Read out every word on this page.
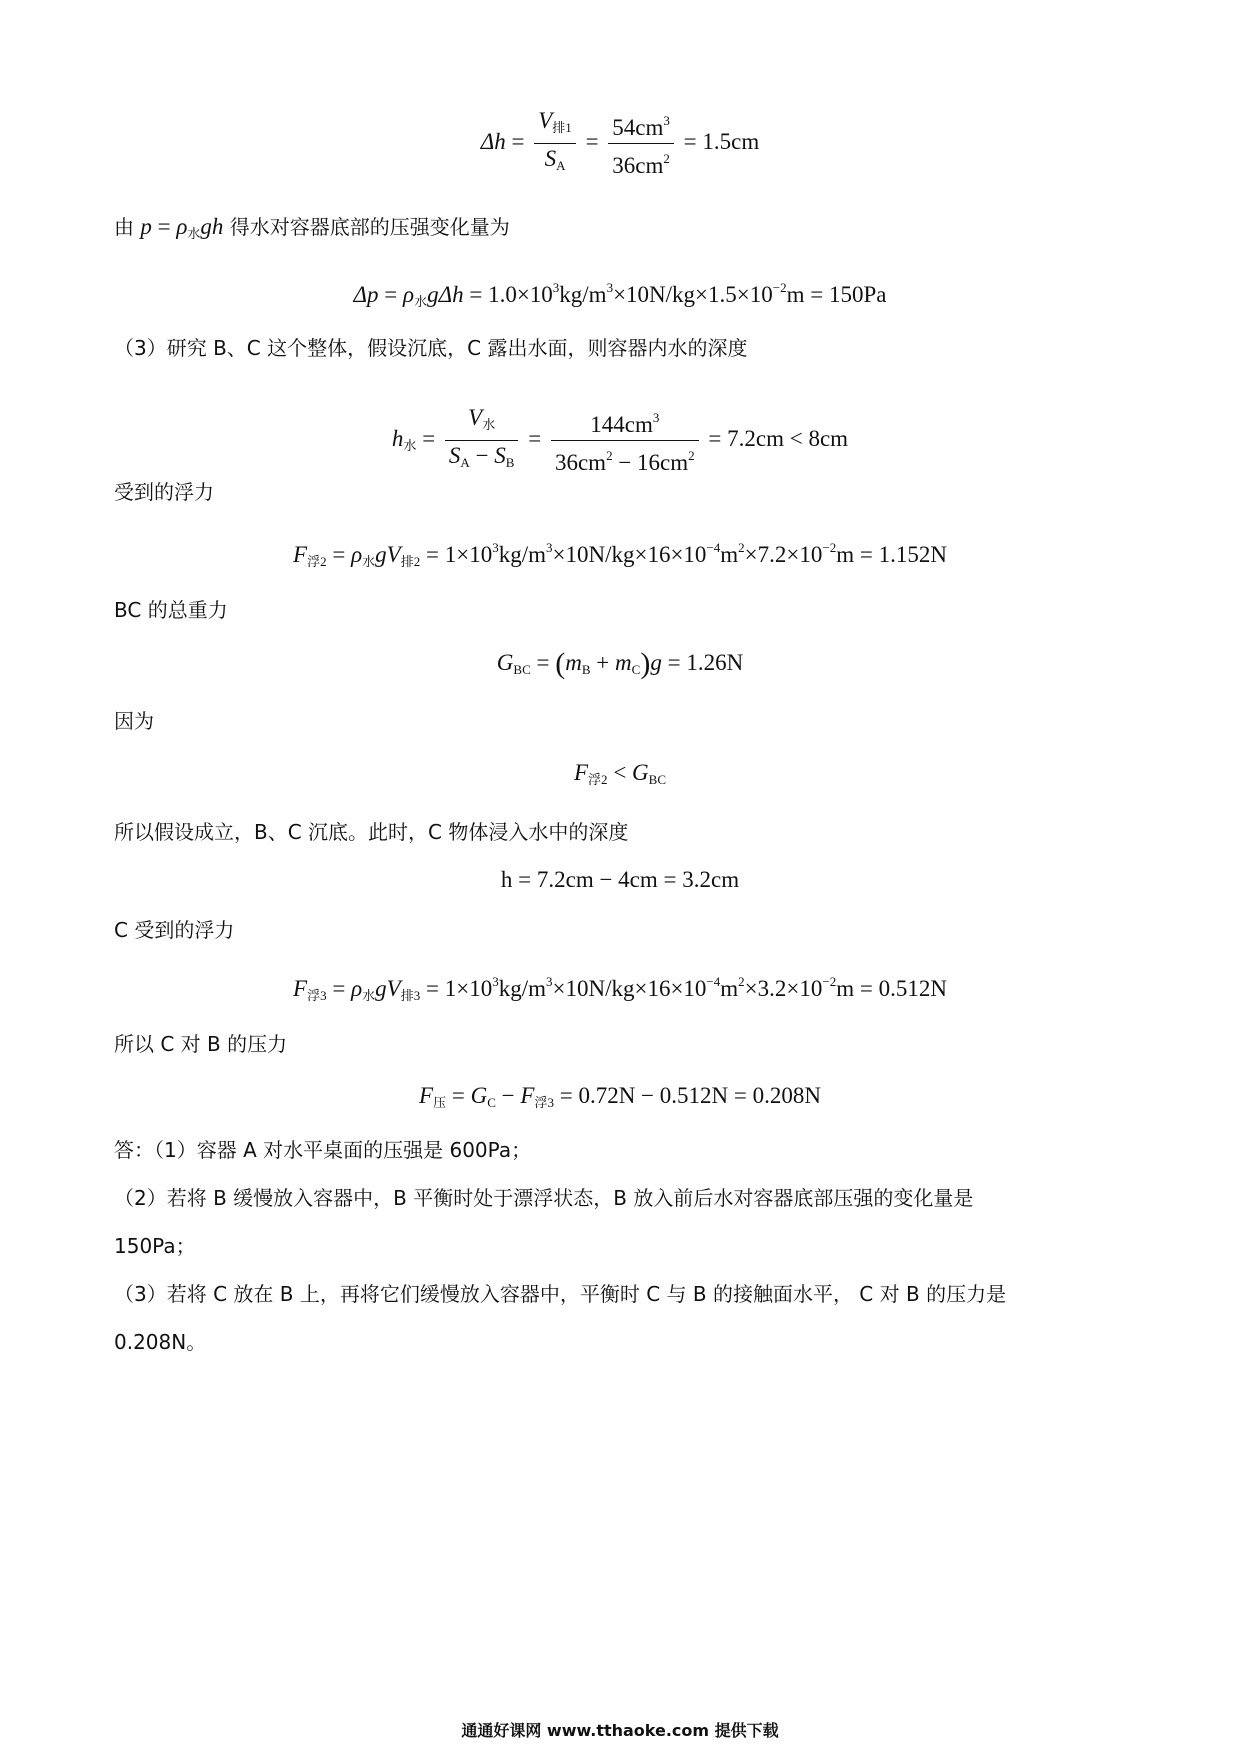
$\Delta h = \frac{V_{排1}}{S_A} = \frac{54cm^3}{36cm^2} = 1.5cm$
由 $p = \rho_水gh$ 得水对容器底部的压强变化量为
$\Delta p = \rho_水g\Delta h = 1.0\times 10^3kg/m^3\times 10N/kg\times 1.5\times 10^{-2}m = 150Pa$
（3）研究 B、C 这个整体，假设沉底，C 露出水面，则容器内水的深度
$h_水 = \frac{V_水}{S_A - S_B} = \frac{144cm^3}{36cm^2 - 16cm^2} = 7.2cm < 8cm$
受到的浮力
$F_{浮2} = \rho_水gV_{排2} = 1\times 10^3kg/m^3\times 10N/kg\times 16\times 10^{-4}m^2\times 7.2\times 10^{-2}m = 1.152N$
BC 的总重力
$G_{BC} = (m_B + m_C)g = 1.26N$
因为
$F_{浮2} < G_{BC}$
所以假设成立，B、C 沉底。此时，C 物体浸入水中的深度
h = 7.2cm − 4cm = 3.2cm
C 受到的浮力
$F_{浮3} = \rho_水gV_{排3} = 1\times 10^3kg/m^3\times 10N/kg\times 16\times 10^{-4}m^2\times 3.2\times 10^{-2}m = 0.512N$
所以 C 对 B 的压力
$F_压 = G_C - F_{浮3} = 0.72N - 0.512N = 0.208N$
答：（1）容器 A 对水平桌面的压强是 600Pa；
（2）若将 B 缓慢放入容器中，B 平衡时处于漂浮状态，B 放入前后水对容器底部压强的变化量是
150Pa；
（3）若将 C 放在 B 上，再将它们缓慢放入容器中，平衡时 C 与 B 的接触面水平， C 对 B 的压力是
0.208N。
通通好课网 www.tthaoke.com 提供下载
